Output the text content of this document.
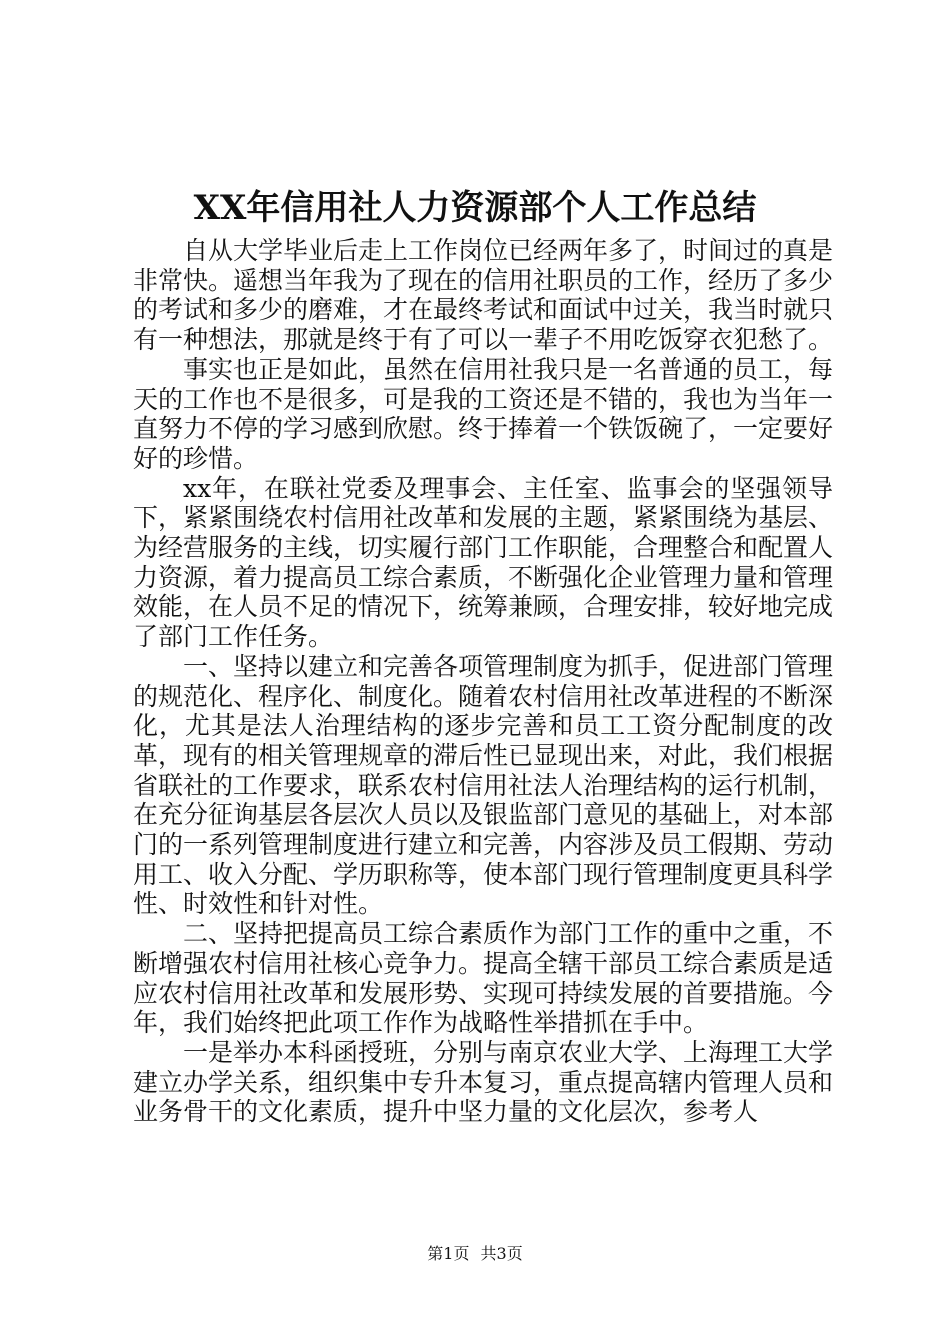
XX年信用社人力资源部个人工作总结

自从大学毕业后走上工作岗位已经两年多了，时间过的真是非常快。遥想当年我为了现在的信用社职员的工作，经历了多少的考试和多少的磨难，才在最终考试和面试中过关，我当时就只有一种想法，那就是终于有了可以一辈子不用吃饭穿衣犯愁了。

事实也正是如此，虽然在信用社我只是一名普通的员工，每天的工作也不是很多，可是我的工资还是不错的，我也为当年一直努力不停的学习感到欣慰。终于捧着一个铁饭碗了，一定要好好的珍惜。

xx年，在联社党委及理事会、主任室、监事会的坚强领导下，紧紧围绕农村信用社改革和发展的主题，紧紧围绕为基层、为经营服务的主线，切实履行部门工作职能，合理整合和配置人力资源，着力提高员工综合素质，不断强化企业管理力量和管理效能，在人员不足的情况下，统筹兼顾，合理安排，较好地完成了部门工作任务。

一、坚持以建立和完善各项管理制度为抓手，促进部门管理的规范化、程序化、制度化。随着农村信用社改革进程的不断深化，尤其是法人治理结构的逐步完善和员工工资分配制度的改革，现有的相关管理规章的滞后性已显现出来，对此，我们根据省联社的工作要求，联系农村信用社法人治理结构的运行机制，在充分征询基层各层次人员以及银监部门意见的基础上，对本部门的一系列管理制度进行建立和完善，内容涉及员工假期、劳动用工、收入分配、学历职称等，使本部门现行管理制度更具科学性、时效性和针对性。

二、坚持把提高员工综合素质作为部门工作的重中之重，不断增强农村信用社核心竞争力。提高全辖干部员工综合素质是适应农村信用社改革和发展形势、实现可持续发展的首要措施。今年，我们始终把此项工作作为战略性举措抓在手中。

一是举办本科函授班，分别与南京农业大学、上海理工大学建立办学关系，组织集中专升本复习，重点提高辖内管理人员和业务骨干的文化素质，提升中坚力量的文化层次，参考人

第1页 共3页
